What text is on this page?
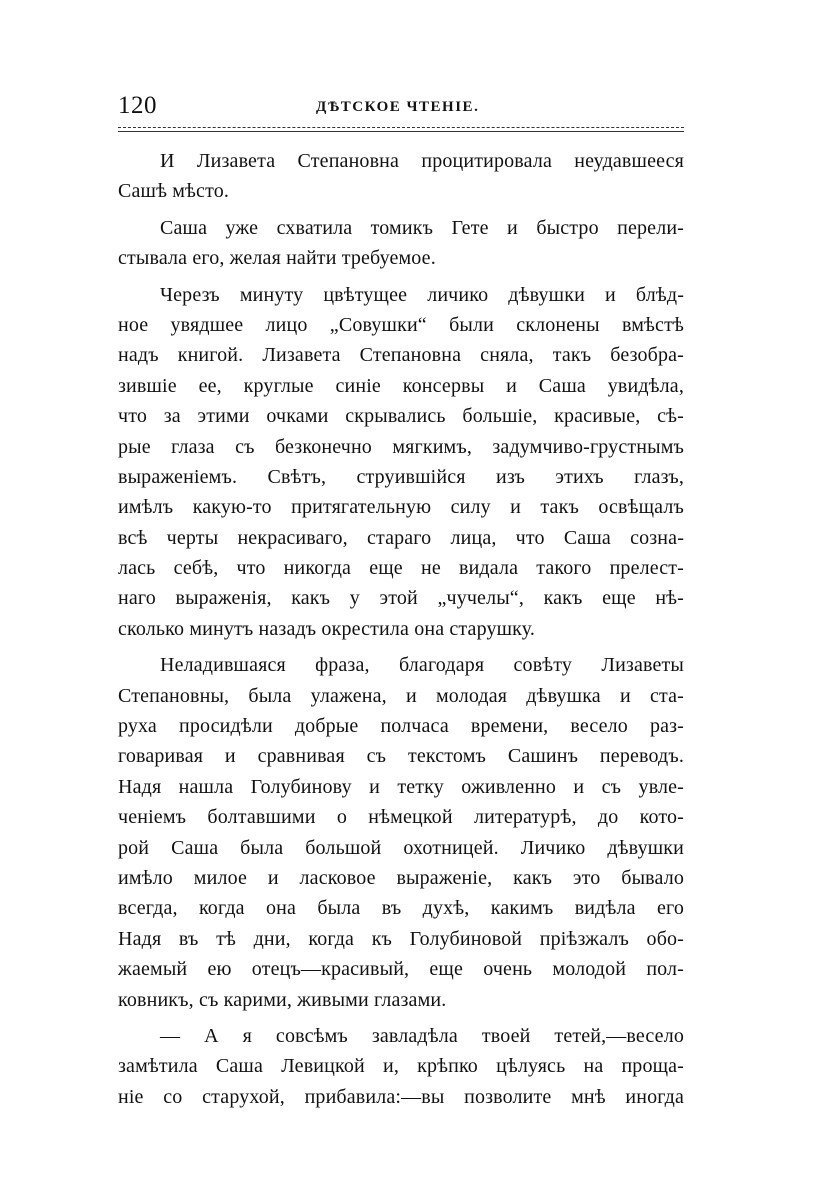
120	ДѢТСКОЕ ЧТЕНІЕ.
И Лизавета Степановна процитировала неудавшееся
Сашѣ мѣсто.
Саша уже схватила томикъ Гете и быстро перели-
стывала его, желая найти требуемое.
Черезъ минуту цвѣтущее личико дѣвушки и блѣд-
ное увядшее лицо „Совушки“ были склонены вмѣстѣ
надъ книгой. Лизавета Степановна сняла, такъ безобра-
зившіе ее, круглые синіе консервы и Саша увидѣла,
что за этими очками скрывались большіе, красивые, сѣ-
рые глаза съ безконечно мягкимъ, задумчиво-грустнымъ
выраженіемъ. Свѣтъ, струившійся изъ этихъ глазъ,
имѣлъ какую-то притягательную силу и такъ освѣщалъ
всѣ черты некрасиваго, стараго лица, что Саша созна-
лась себѣ, что никогда еще не видала такого прелест-
наго выраженія, какъ у этой „чучелы“, какъ еще нѣ-
сколько минутъ назадъ окрестила она старушку.
Неладившаяся фраза, благодаря совѣту Лизаветы
Степановны, была улажена, и молодая дѣвушка и ста-
руха просидѣли добрые полчаса времени, весело раз-
говаривая и сравнивая съ текстомъ Сашинъ переводъ.
Надя нашла Голубинову и тетку оживленно и съ увле-
ченіемъ болтавшими о нѣмецкой литературѣ, до кото-
рой Саша была большой охотницей. Личико дѣвушки
имѣло милое и ласковое выраженіе, какъ это бывало
всегда, когда она была въ духѣ, какимъ видѣла его
Надя въ тѣ дни, когда къ Голубиновой пріѣзжалъ обо-
жаемый ею отецъ—красивый, еще очень молодой пол-
ковникъ, съ карими, живыми глазами.
— А я совсѣмъ завладѣла твоей тетей,—весело
замѣтила Саша Левицкой и, крѣпко цѣлуясь на проща-
ніе со старухой, прибавила:—вы позволите мнѣ иногда
